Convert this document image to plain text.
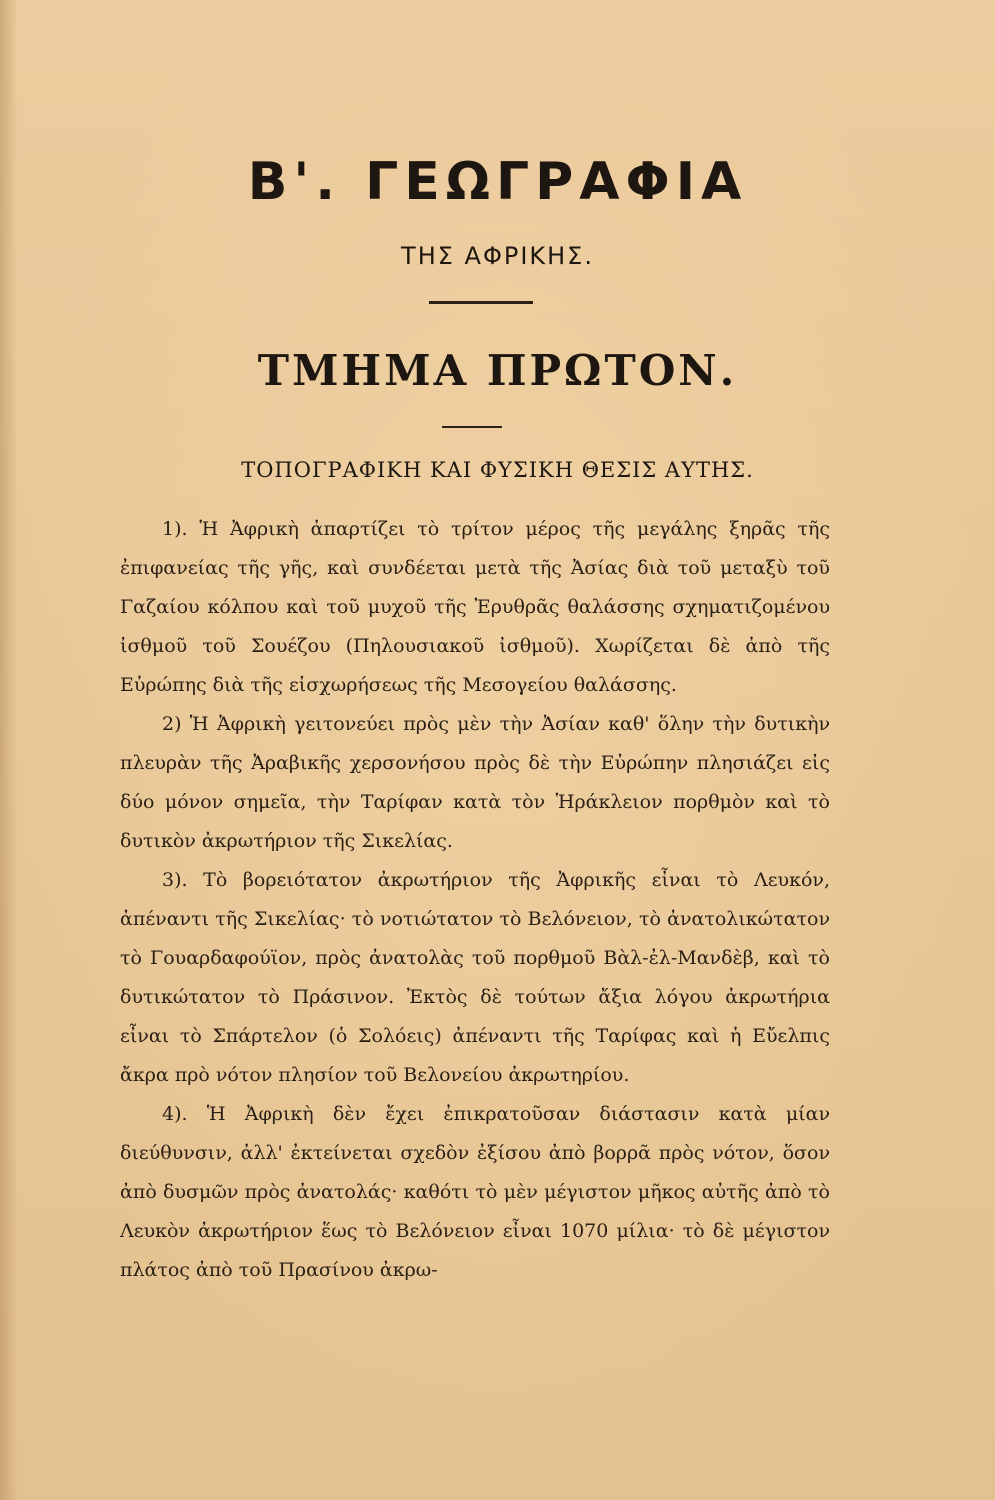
Β'. ΓΕΩΓΡΑΦΙΑ
ΤΗΣ ΑΦΡΙΚΗΣ.
ΤΜΗΜΑ ΠΡΩΤΟΝ.
ΤΟΠΟΓΡΑΦΙΚΗ ΚΑΙ ΦΥΣΙΚΗ ΘΕΣΙΣ ΑΥΤΗΣ.

1). Ἡ Ἀφρικὴ ἀπαρτίζει τὸ τρίτον μέρος τῆς μεγάλης ξηρᾶς τῆς ἐπιφανείας τῆς γῆς, καὶ συνδέεται μετὰ τῆς Ἀσίας διὰ τοῦ μεταξὺ τοῦ Γαζαίου κόλπου καὶ τοῦ μυχοῦ τῆς Ἐρυθρᾶς θαλάσσης σχηματιζομένου ἰσθμοῦ τοῦ Σουέζου (Πηλουσιακοῦ ἰσθμοῦ). Χωρίζεται δὲ ἀπὸ τῆς Εὐρώπης διὰ τῆς εἰσχωρήσεως τῆς Μεσογείου θαλάσσης.

2) Ἡ Ἀφρικὴ γειτονεύει πρὸς μὲν τὴν Ἀσίαν καθ' ὅλην τὴν δυτικὴν πλευρὰν τῆς Ἀραβικῆς χερσονήσου πρὸς δὲ τὴν Εὐρώπην πλησιάζει εἰς δύο μόνον σημεῖα, τὴν Ταρίφαν κατὰ τὸν Ἡράκλειον πορθμὸν καὶ τὸ δυτικὸν ἀκρωτήριον τῆς Σικελίας.

3). Τὸ βορειότατον ἀκρωτήριον τῆς Ἀφρικῆς εἶναι τὸ Λευκόν, ἀπέναντι τῆς Σικελίας· τὸ νοτιώτατον τὸ Βελόνειον, τὸ ἀνατολικώτατον τὸ Γουαρδαφούϊον, πρὸς ἀνατολὰς τοῦ πορθμοῦ Βὰλ-ἐλ-Μανδὲβ, καὶ τὸ δυτικώτατον τὸ Πράσινον. Ἐκτὸς δὲ τούτων ἄξια λόγου ἀκρωτήρια εἶναι τὸ Σπάρτελον (ὁ Σολόεις) ἀπέναντι τῆς Ταρίφας καὶ ἡ Εὔελπις ἄκρα πρὸ νότον πλησίον τοῦ Βελονείου ἀκρωτηρίου.

4). Ἡ Ἀφρικὴ δὲν ἔχει ἐπικρατοῦσαν διάστασιν κατὰ μίαν διεύθυνσιν, ἀλλ' ἐκτείνεται σχεδὸν ἐξίσου ἀπὸ βορρᾶ πρὸς νότον, ὅσον ἀπὸ δυσμῶν πρὸς ἀνατολάς· καθότι τὸ μὲν μέγιστον μῆκος αὐτῆς ἀπὸ τὸ Λευκὸν ἀκρωτήριον ἕως τὸ Βελόνειον εἶναι 1070 μίλια· τὸ δὲ μέγιστον πλάτος ἀπὸ τοῦ Πρασίνου ἀκρω-
